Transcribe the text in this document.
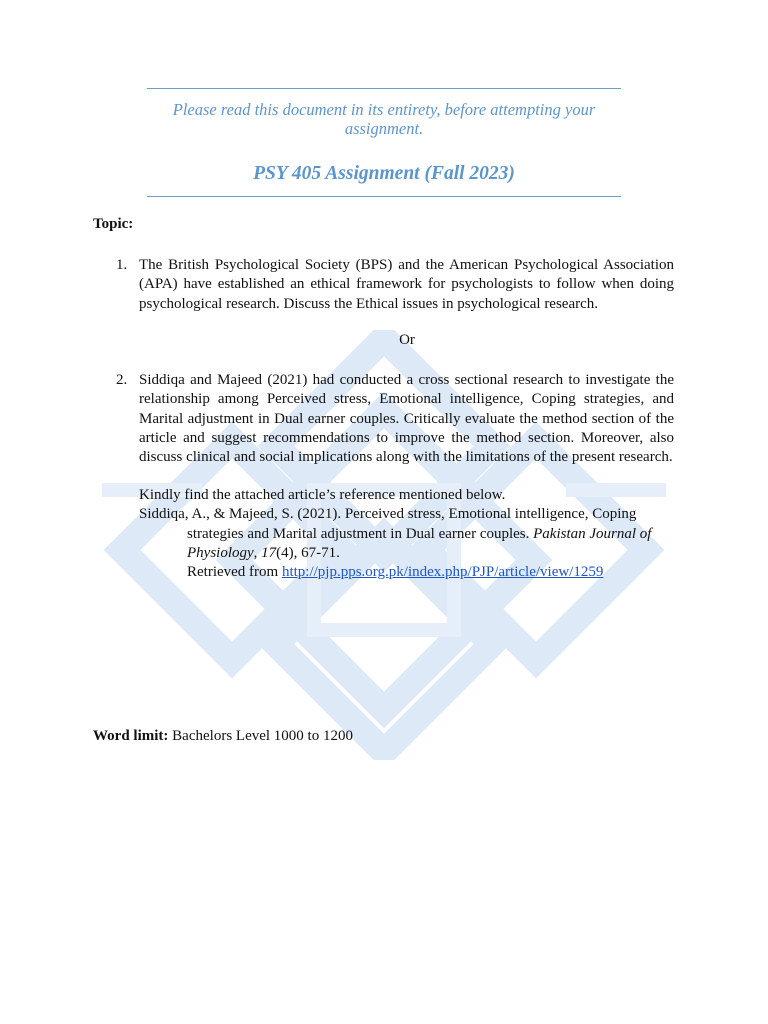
Please read this document in its entirety, before attempting your assignment.
PSY 405 Assignment (Fall 2023)
Topic:
1. The British Psychological Society (BPS) and the American Psychological Association (APA) have established an ethical framework for psychologists to follow when doing psychological research. Discuss the Ethical issues in psychological research.
Or
2. Siddiqa and Majeed (2021) had conducted a cross sectional research to investigate the relationship among Perceived stress, Emotional intelligence, Coping strategies, and Marital adjustment in Dual earner couples. Critically evaluate the method section of the article and suggest recommendations to improve the method section. Moreover, also discuss clinical and social implications along with the limitations of the present research.
Kindly find the attached article’s reference mentioned below.
Siddiqa, A., & Majeed, S. (2021). Perceived stress, Emotional intelligence, Coping
strategies and Marital adjustment in Dual earner couples. Pakistan Journal of
Physiology, 17(4), 67-71.
Retrieved from http://pjp.pps.org.pk/index.php/PJP/article/view/1259
Word limit: Bachelors Level 1000 to 1200
